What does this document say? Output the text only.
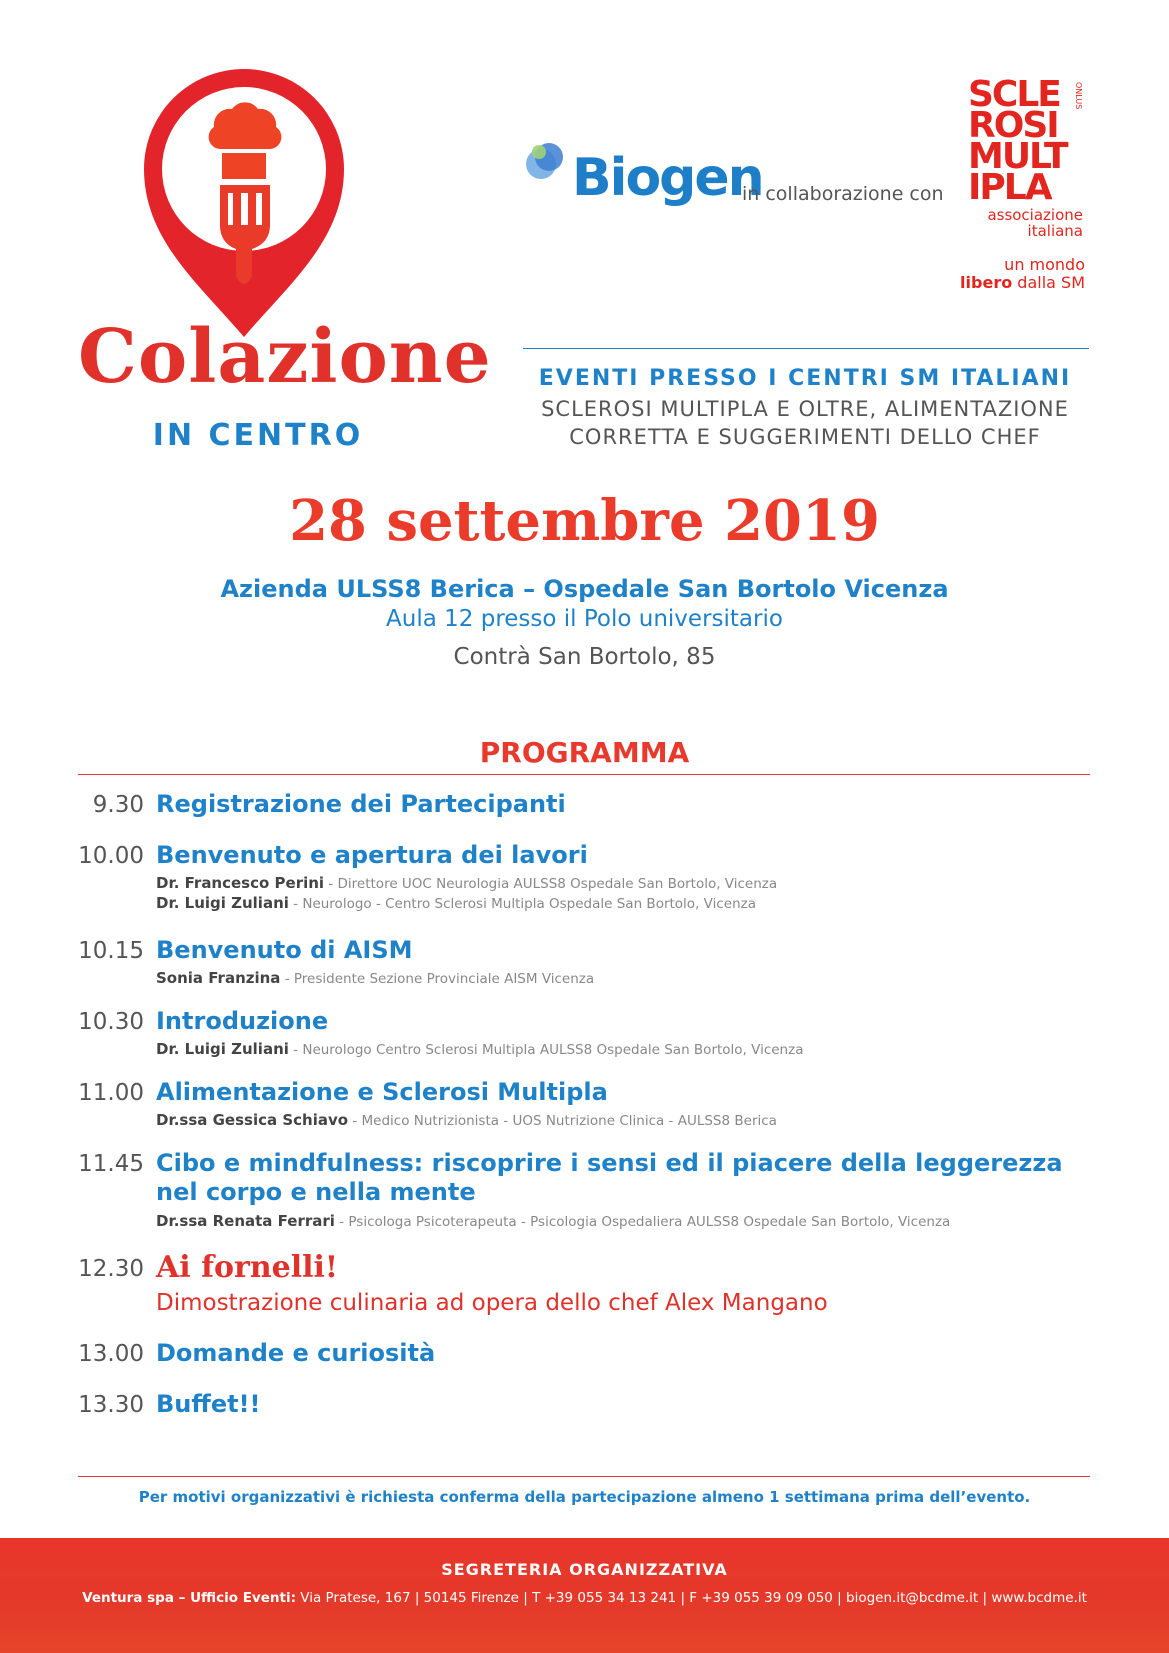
Colazione
IN CENTRO
Biogen
in collaborazione con
SCLE
ROSI
MULT
IPLA
ONLUS
associazione
italiana
un mondo
libero dalla SM
EVENTI PRESSO I CENTRI SM ITALIANI
SCLEROSI MULTIPLA E OLTRE, ALIMENTAZIONE
CORRETTA E SUGGERIMENTI DELLO CHEF
28 settembre 2019
Azienda ULSS8 Berica – Ospedale San Bortolo Vicenza
Aula 12 presso il Polo universitario
Contrà San Bortolo, 85
PROGRAMMA
9.30 Registrazione dei Partecipanti
10.00 Benvenuto e apertura dei lavori
Dr. Francesco Perini - Direttore UOC Neurologia AULSS8 Ospedale San Bortolo, Vicenza
Dr. Luigi Zuliani - Neurologo - Centro Sclerosi Multipla Ospedale San Bortolo, Vicenza
10.15 Benvenuto di AISM
Sonia Franzina - Presidente Sezione Provinciale AISM Vicenza
10.30 Introduzione
Dr. Luigi Zuliani - Neurologo Centro Sclerosi Multipla AULSS8 Ospedale San Bortolo, Vicenza
11.00 Alimentazione e Sclerosi Multipla
Dr.ssa Gessica Schiavo - Medico Nutrizionista - UOS Nutrizione Clinica - AULSS8 Berica
11.45 Cibo e mindfulness: riscoprire i sensi ed il piacere della leggerezza
nel corpo e nella mente
Dr.ssa Renata Ferrari - Psicologa Psicoterapeuta - Psicologia Ospedaliera AULSS8 Ospedale San Bortolo, Vicenza
12.30 Ai fornelli!
Dimostrazione culinaria ad opera dello chef Alex Mangano
13.00 Domande e curiosità
13.30 Buffet!!
Per motivi organizzativi è richiesta conferma della partecipazione almeno 1 settimana prima dell’evento.
SEGRETERIA ORGANIZZATIVA
Ventura spa – Ufficio Eventi: Via Pratese, 167 | 50145 Firenze | T +39 055 34 13 241 | F +39 055 39 09 050 | biogen.it@bcdme.it | www.bcdme.it
